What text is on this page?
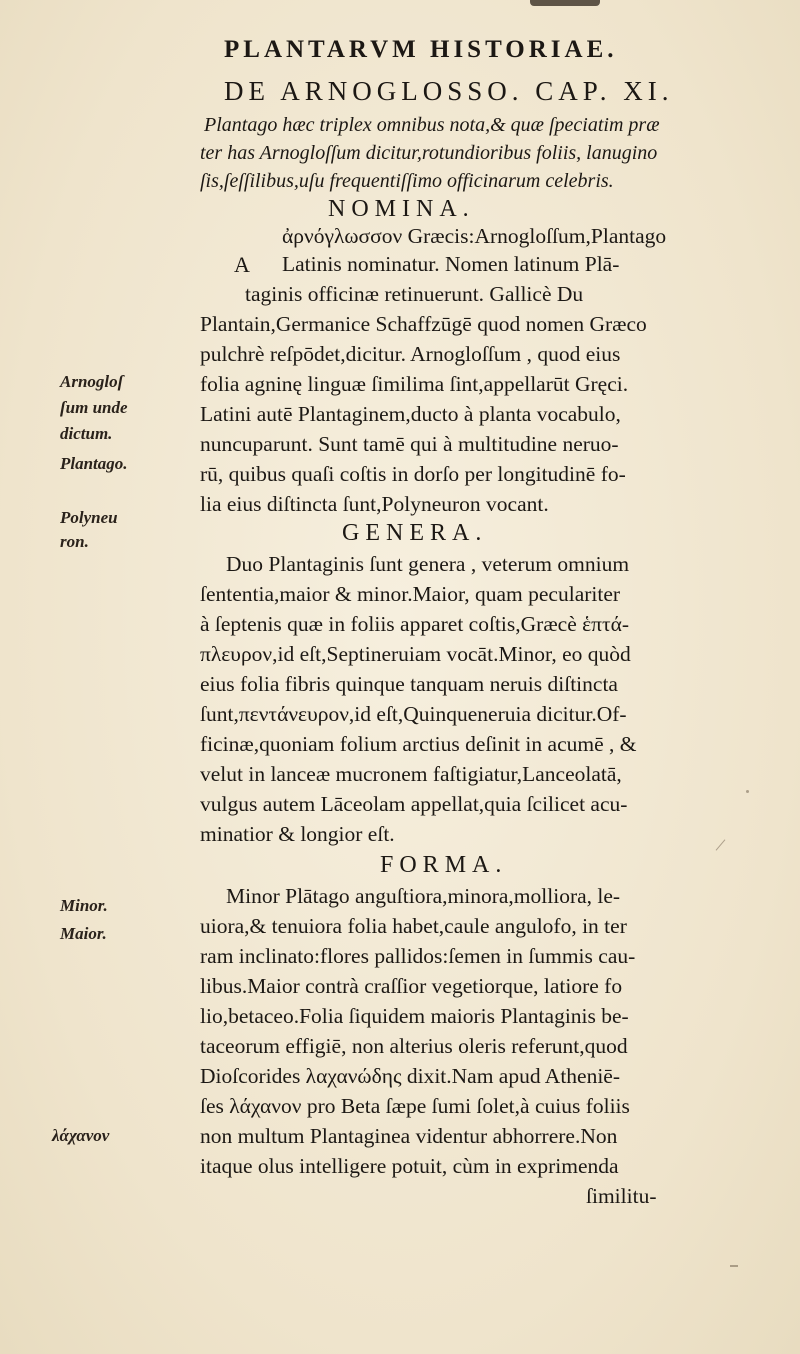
PLANTARVM HISTORIAE.
DE ARNOGLOSSO. CAP. XI.
Plantago hæc triplex omnibus nota,& quæ ſpeciatim præ
ter has Arnogloſſum dicitur,rotundioribus foliis, lanugino
ſis,ſeſſilibus,uſu frequentiſſimo officinarum celebris.
NOMINA.
ἀρνόγλωσσον Græcis:Arnogloſſum,Plantago
A Latinis nominatur. Nomen latinum Plā-
taginis officinæ retinuerunt. Gallicè Du
Plantain,Germanice Schaffzūgē quod nomen Græco
pulchrè reſpōdet,dicitur. Arnogloſſum , quod eius
folia agninę linguæ ſimilima ſint,appellarūt Gręci.
Latini autē Plantaginem,ducto à planta vocabulo,
nuncuparunt. Sunt tamē qui à multitudine neruo-
rū, quibus quaſi coſtis in dorſo per longitudinē fo-
lia eius diſtincta ſunt,Polyneuron vocant.
GENERA.
Duo Plantaginis ſunt genera , veterum omnium
ſententia,maior & minor.Maior, quam peculariter
à ſeptenis quæ in foliis apparet coſtis,Græcè ἑπτά-
πλευρον,id eſt,Septineruiam vocāt.Minor, eo quòd
eius folia fibris quinque tanquam neruis diſtincta
ſunt,πεντάνευρον,id eſt,Quinqueneruia dicitur.Of-
ficinæ,quoniam folium arctius deſinit in acumē , &
velut in lanceæ mucronem faſtigiatur,Lanceolatā,
vulgus autem Lāceolam appellat,quia ſcilicet acu-
minatior & longior eſt.
FORMA.
Minor Plātago anguſtiora,minora,molliora, le-
uiora,& tenuiora folia habet,caule angulofo, in ter
ram inclinato:flores pallidos:ſemen in ſummis cau-
libus.Maior contrà craſſior vegetiorque, latiore fo
lio,betaceo.Folia ſiquidem maioris Plantaginis be-
taceorum effigiē, non alterius oleris referunt,quod
Dioſcorides λαχανώδης dixit.Nam apud Atheniē-
ſes λάχανον pro Beta ſæpe ſumi ſolet,à cuius foliis
non multum Plantaginea videntur abhorrere.Non
itaque olus intelligere potuit, cùm in exprimenda
ſimilitu-
Arnogloſ
ſum unde
dictum.
Plantago.
Polyneu
ron.
Minor.
Maior.
λάχανον
